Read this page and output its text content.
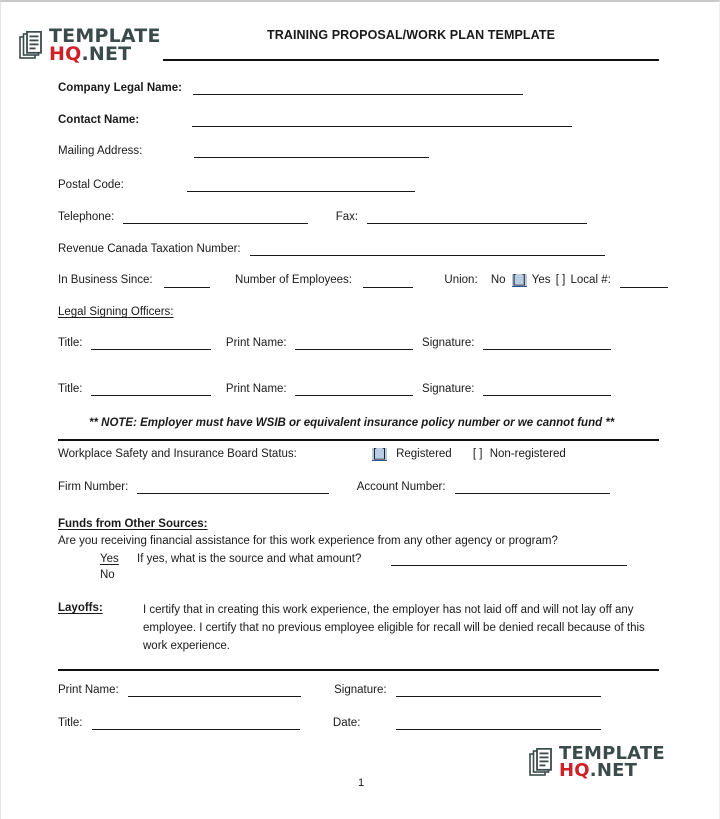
TEMPLATE
HQ.NET
TRAINING PROPOSAL/WORK PLAN TEMPLATE
Company Legal Name:
Contact Name:
Mailing Address:
Postal Code:
Telephone:	Fax:
Revenue Canada Taxation Number:
In Business Since:	Number of Employees:	Union: No [_] Yes [ ] Local #:
Legal Signing Officers:
Title:	Print Name:	Signature:
Title:	Print Name:	Signature:
** NOTE: Employer must have WSIB or equivalent insurance policy number or we cannot fund **
Workplace Safety and Insurance Board Status:	[_] Registered [ ] Non-registered
Firm Number:	Account Number:
Funds from Other Sources:
Are you receiving financial assistance for this work experience from any other agency or program?
Yes If yes, what is the source and what amount?
No
Layoffs:	I certify that in creating this work experience, the employer has not laid off and will not lay off any employee. I certify that no previous employee eligible for recall will be denied recall because of this work experience.
Print Name:	Signature:
Title:	Date:
1
TEMPLATE
HQ.NET
